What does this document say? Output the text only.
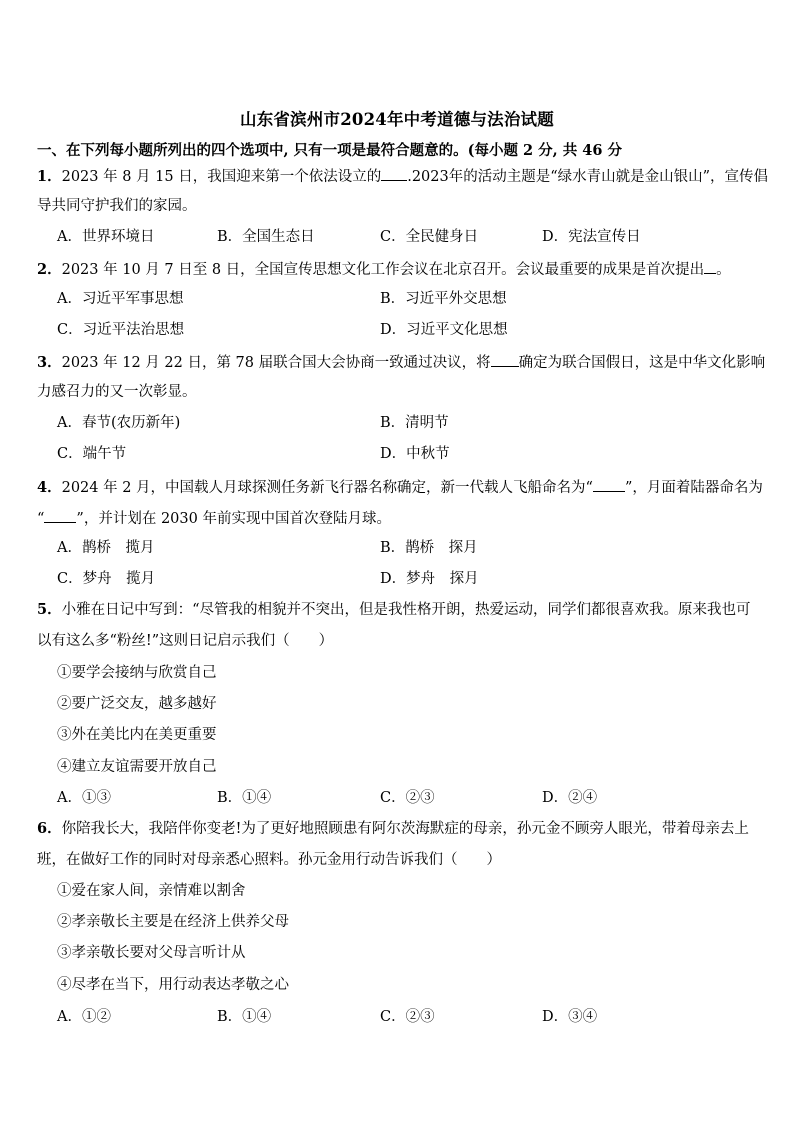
山东省滨州市2024年中考道德与法治试题
一、在下列每小题所列出的四个选项中, 只有一项是最符合题意的。(每小题 2 分, 共 46 分
1．2023 年 8 月 15 日，我国迎来第一个依法设立的 .2023年的活动主题是“绿水青山就是金山银山”，宣传倡
导共同守护我们的家园。
A．世界环境日	B．全国生态日	C．全民健身日	D．宪法宣传日
2．2023 年 10 月 7 日至 8 日，全国宣传思想文化工作会议在北京召开。会议最重要的成果是首次提出 。
A．习近平军事思想	B．习近平外交思想
C．习近平法治思想	D．习近平文化思想
3．2023 年 12 月 22 日，第 78 届联合国大会协商一致通过决议，将 确定为联合国假日，这是中华文化影响
力感召力的又一次彰显。
A．春节(农历新年)	B．清明节
C．端午节	D．中秋节
4．2024 年 2 月，中国载人月球探测任务新飞行器名称确定，新一代载人飞船命名为“ ”，月面着陆器命名为
“ ”，并计划在 2030 年前实现中国首次登陆月球。
A．鹊桥　揽月	B．鹊桥　探月
C．梦舟　揽月	D．梦舟　探月
5．小雅在日记中写到：“尽管我的相貌并不突出，但是我性格开朗，热爱运动，同学们都很喜欢我。原来我也可
以有这么多“粉丝!”这则日记启示我们（　　）
①要学会接纳与欣赏自己
②要广泛交友，越多越好
③外在美比内在美更重要
④建立友谊需要开放自己
A．①③	B．①④	C．②③	D．②④
6．你陪我长大，我陪伴你变老!为了更好地照顾患有阿尔茨海默症的母亲，孙元金不顾旁人眼光，带着母亲去上
班，在做好工作的同时对母亲悉心照料。孙元金用行动告诉我们（　　）
①爱在家人间，亲情难以割舍
②孝亲敬长主要是在经济上供养父母
③孝亲敬长要对父母言听计从
④尽孝在当下，用行动表达孝敬之心
A．①②	B．①④	C．②③	D．③④
